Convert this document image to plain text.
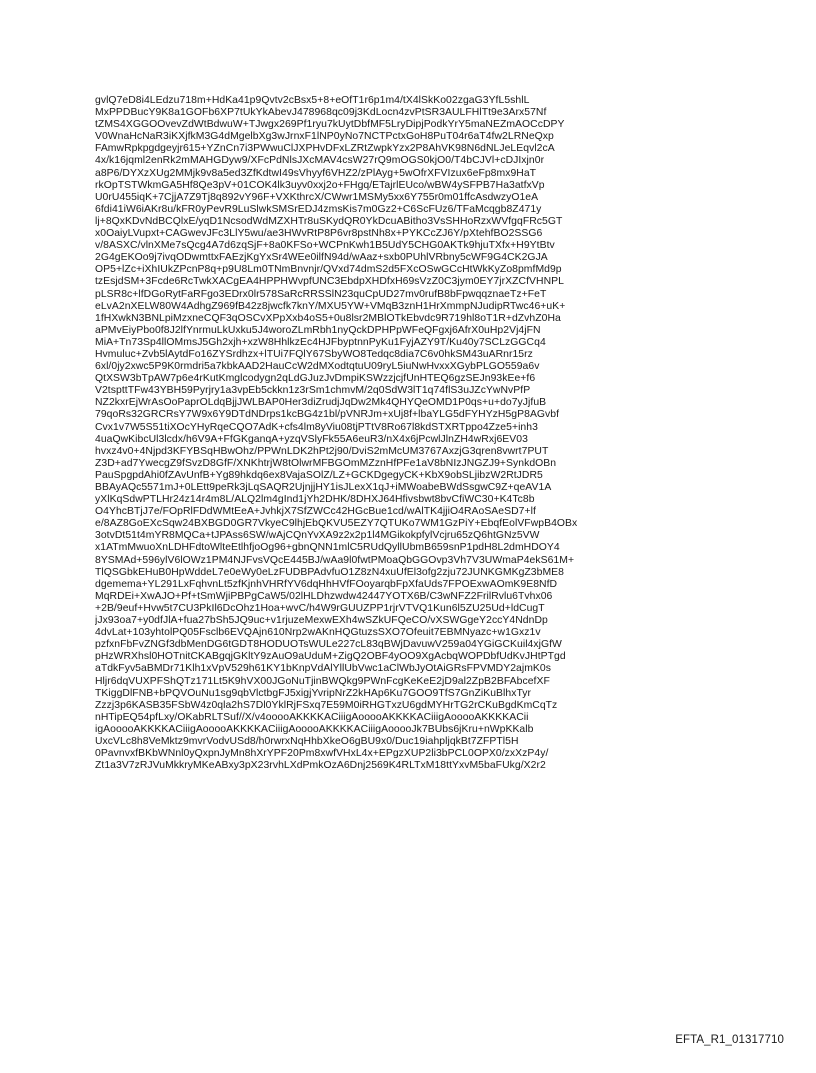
gvlQ7eD8i4LEdzu718m+HdKa41p9Qvtv2cBsx5+8+eOfT1r6p1m4/tX4lSkKo02zgaG3YfL5shlL
MxPPDBucY9K8a1GOFb6XP7tUkYkAbevJ478968qc09j3KdLocn4zvPtSR3AULFHlTt9e3Arx57Nf
tZMS4XGGOOvevZdWtBdwuW+TJwgx269Pf1ryu7kUytDbfMF5LryDipjPodkYrY5maNEZmAOCcDPY
V0WnaHcNaR3iKXjfkM3G4dMgelbXg3wJrnxF1lNP0yNo7NCTPctxGoH8PuT04r6aT4fw2LRNeQxp
FAmwRpkpgdgeyjr615+YZnCn7i3PWwuClJXPHvDFxLZRtZwpkYzx2P8AhVK98N6dNLJeLEqvl2cA
4x/k16jqml2enRk2mMAHGDyw9/XFcPdNlsJXcMAV4csW27rQ9mOGS0kjO0/T4bCJVl+cDJIxjn0r
a8P6/DYXzXUg2MMjk9v8a5ed3ZfKdtwI49sVhyyf6VHZ2/zPlAyg+5wOfrXFVIzux6eFp8mx9HaT
rkOpTSTWkmGA5Hf8Qe3pV+01COK4lk3uyv0xxj2o+FHgq/ETajrlEUco/wBW4ySFPB7Ha3atfxVp
U0rU455iqK+7CjjA7Z9Tj8q892vY96F+VXKthrcX/CWwr1MSMy5xx6Y755r0m01ffcAsdwzyO1eA
6fdi41iW6iAKr8u/kFR0yPevR9LuSlwkSMSrEDJ4zmsKis7m0Gz2+C6ScFUz6/TFaMcqgb8Z471y
lj+8QxKDvNdBCQlxE/yqD1NcsodWdMZXHTr8uSKydQR0YkDcuABitho3VsSHHoRzxWVfgqFRc5GT
x0OaiyLVupxt+CAGwevJFc3LlY5wu/ae3HWvRtP8P6vr8pstNh8x+PYKCcZJ6Y/pXtehfBO2SSG6
v/8ASXC/vlnXMe7sQcg4A7d6zqSjF+8a0KFSo+WCPnKwh1B5UdY5CHG0AKTk9hjuTXfx+H9YtBtv
2G4gEKOo9j7ivqODwmttxFAEzjKgYxSr4WEe0ilfN94d/wAaz+sxb0PUhlVRbny5cWF9G4CK2GJA
OP5+lZc+iXhIUkZPcnP8q+p9U8Lm0TNmBnvnjr/QVxd74dmS2d5FXcOSwGCcHtWkKyZo8pmfMd9p
tzEsjdSM+3Fcde6RcTwkXACgEA4HPPHWvpfUNC3EbdpXHDfxH69sVzZ0C3jym0EY7jrXZCfVHNPL
pLSR8c+lfDGoRytFaRFgo3EDrx0lr578SaRcRRSSlN23quCpUD27mv0rufB8bFpwqqznaeTz+FeT
eLvA2nXELW80W4AdhgZ969fB42z8jwcfk7knY/MXU5YW+VMqB3znH1HrXmmpNJudipRTwc46+uK+
1fHXwkN3BNLpiMzxneCQF3qOSCvXPpXxb4oS5+0u8lsr2MBlOTkEbvdc9R719hl8oT1R+dZvhZ0Ha
aPMvEiyPbo0f8J2lfYnrmuLkUxku5J4woroZLmRbh1nyQckDPHPpWFeQFgxj6AfrX0uHp2Vj4jFN
MiA+Tn73Sp4llOMmsJ5Gh2xjh+xzW8HhlkzEc4HJFbyptnnPyKu1FyjAZY9T/Ku40y7SCLzGGCq4
Hvmuluc+Zvb5lAytdFo16ZYSrdhzx+lTUi7FQlY67SbyWO8Tedqc8dia7C6v0hkSM43uARnr15rz
6xl/0jy2xwc5P9K0rmdri5a7kbkAAD2HauCcW2dMXodtqtuU09ryL5iuNwHvxxXGybPLGO559a6v
QtXSW3bTpAW7p6e4rKutKmglcodygn2qLdGJuzJvDmpiKSWzzjcjfUnHTEQ6gzSEJn93kEe+f6
V2tspttTFw43YBH59Pyrjry1a3vpEb5ckkn1z3rSm1chmvM/2q0SdW3lT1q74flS3uJZcYwNvPfP
NZ2kxrEjWrAsOoPaprOLdqBjjJWLBAP0Her3diZrudjJqDw2Mk4QHYQeOMD1P0qs+u+do7yJjfuB
79qoRs32GRCRsY7W9x6Y9DTdNDrps1kcBG4z1bl/pVNRJm+xUj8f+lbaYLG5dFYHYzH5gP8AGvbf
Cvx1v7W5S51tiXOcYHyRqeCQO7AdK+cfs4lm8yViu08tjPTtV8Ro67l8kdSTXRTppo4Zze5+inh3
4uaQwKibcUl3lcdx/h6V9A+FfGKganqA+yzqVSlyFk55A6euR3/nX4x6jPcwlJlnZH4wRxj6EV03
hvxz4v0+4Njpd3KFYBSqHBwOhz/PPWnLDK2hPt2j90/DviS2mMcUM3767AxzjG3qren8vwrt7PUT
Z3D+ad7YwecgZ9fSvzD8GfF/XNKhtrjW8tOlwrMFBGOmMZznHfPFe1aV8bNIzJNGZJ9+SynkdOBn
PauSpgpdAhi0fZAvUnfB+Yg89hkdq6ex8VajaSOlZ/LZ+GCKDgegyCK+KbX9obSLjibzW2RtJDR5
BBAyAQc5571mJ+0LEtt9peRk3jLqSAQR2UjnjjHY1isJLexX1qJ+iMWoabeBWdSsgwC9Z+qeAV1A
yXlKqSdwPTLHr24z14r4m8L/ALQ2lm4gInd1jYh2DHK/8DHXJ64Hfivsbwt8bvCfiWC30+K4Tc8b
O4YhcBTjJ7e/FOpRlFDdWMtEeA+JvhkjX7SfZWCc42HGcBue1cd/wAlTK4jjiO4RAoSAeSD7+lf
e/8AZ8GoEXcSqw24BXBGD0GR7VkyeC9lhjEbQKVU5EZY7QTUKo7WM1GzPiY+EbqfEolVFwpB4OBx
3otvDt51t4mYR8MQCa+tJPAss6SW/wAjCQnYvXA9z2x2p1l4MGikokpfylVcjru65zQ6htGNz5VW
x1ATmMwuoXnLDHFdtoWlteEtlhfjoOg96+gbnQNN1mlC5RUdQyllUbmB659snP1pdH8L2dmHDOY4
8YSMAd+596ylV6lOWz1PM4NJFvsVQcE445BJ/wAa9l0fwtPMoaQbGGOvp3Vh7V3UWmaP4ekS61M+
TlQSGbkEHuB0HpWddeL7e0eWy0eLzFUDBPAdvfuO1Z8zN4xuUfEl3ofg2zju72JUNKGMKgZ3bME8
dgemema+YL291LxFqhvnLt5zfKjnhVHRfYV6dqHhHVfFOoyarqbFpXfaUds7FPOExwAOmK9E8NfD
MqRDEi+XwAJO+Pf+tSmWjiPBPgCaW5/02lHLDhzwdw42447YOTX6B/C3wNFZ2FrilRvlu6Tvhx06
+2B/9euf+Hvw5t7CU3PkIl6DcOhz1Hoa+wvC/h4W9rGUUZPP1rjrVTVQ1Kun6l5ZU25Ud+ldCugT
jJx93oa7+y0dfJlA+fua27bSh5JQ9uc+v1rjuzeMexwEXh4wSZkUFQeCO/vXSWGgeY2ccY4NdnDp
4dvLat+103yhtolPQ05Fsclb6EVQAjn610Nrp2wAKnHQGtuzsSXO7Ofeuit7EBMNyazc+w1Gxz1v
pzfxnFbFvZNGf3dbMenDG6tGDT8HODUOTsWULe227cL83qBWjDavuwV259a04YGiGCKuil4xjGfW
pHzWRXhsl0HOTnitCKABgqjGKltY9zAuO9aUduM+ZigQ2OBF4yOO9XgAcbqWOPDbfUdKvJHtPTgd
aTdkFyv5aBMDr71Klh1xVpV529h61KY1bKnpVdAlYllUbVwc1aClWbJyOtAiGRsFPVMDY2ajmK0s
Hljr6dqVUXPFShQTz171Lt5K9hVX00JGoNuTjinBWQkg9PWnFcgKeKeE2jD9al2ZpB2BFAbcefXF
TKiggDlFNB+bPQVOuNu1sg9qbVlctbgFJ5xigjYvripNrZ2kHAp6Ku7GOO9TfS7GnZiKuBlhxTyr
Zzzj3p6KASB35FSbW4z0qla2hS7Dl0YklRjFSxq7E59M0iRHGTxzU6gdMYHrTG2rCKuBgdKmCqTz
nHTipEQ54pfLxy/OKabRLTSuf//X/v4ooooAKKKKACiiigAooooAKKKKACiiigAooooAKKKKACii
igAooooAKKKKACiiigAooooAKKKKACiiigAooooAKKKKACiiigAooooJk7BUbs6jKru+nWpKKalb
UxcVLc8h8VeMktz9mvrVodvUSd8/h0rwrxNqHhbXkeO6gBU9x0/Duc19iahpljqkBt7ZFPTl5H
0PavnvxfBKbWNnl0yQxpnJyMn8hXrYPF20Pm8xwfVHxL4x+EPgzXUP2li3bPCL0OPX0/zxXzP4y/
Zt1a3V7zRJVuMkkryMKeABxy3pX23rvhLXdPmkOzA6Dnj2569K4RLTxM18ttYxvM5baFUkg/X2r2
EFTA_R1_01317710
